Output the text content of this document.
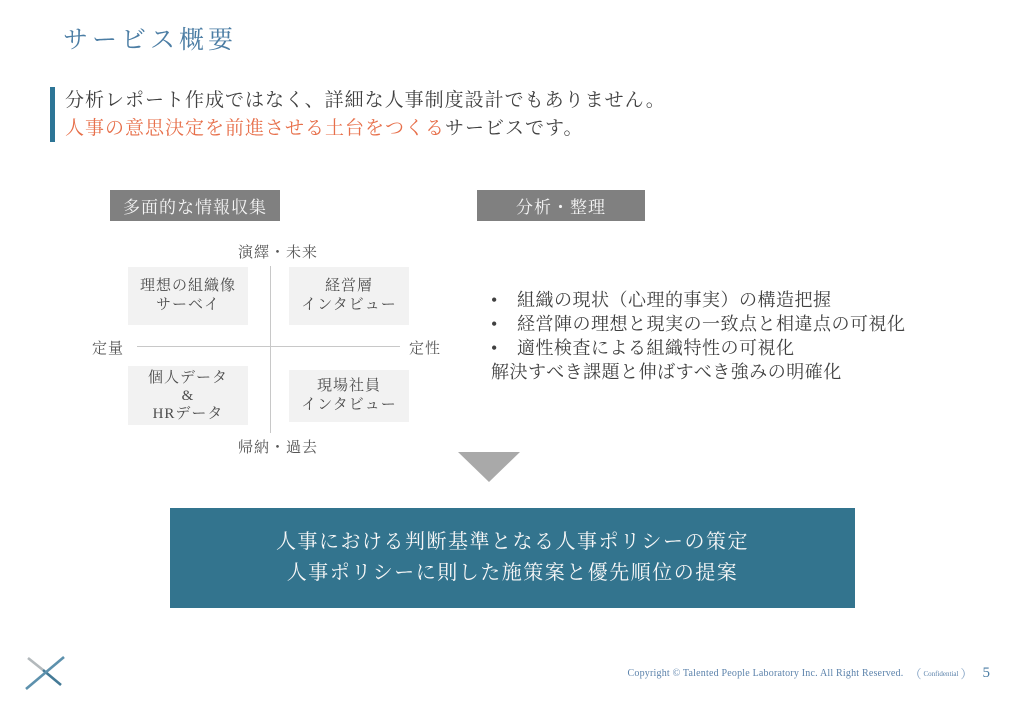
サービス概要

分析レポート作成ではなく、詳細な人事制度設計でもありません。

人事の意思決定を前進させる土台をつくるサービスです。

多面的な情報収集	分析・整理
演繹・未来
帰納・過去
定量	定性
理想の組織像
サーベイ
経営層
インタビュー
個人データ
&
HRデータ
現場社員
インタビュー
•	組織の現状（心理的事実）の構造把握
•	経営陣の理想と現実の一致点と相違点の可視化
•	適性検査による組織特性の可視化
解決すべき課題と伸ばすべき強みの明確化
人事における判断基準となる人事ポリシーの策定
人事ポリシーに則した施策案と優先順位の提案
Copyright © Talented People Laboratory Inc. All Right Reserved. （ Confidential ） 5
